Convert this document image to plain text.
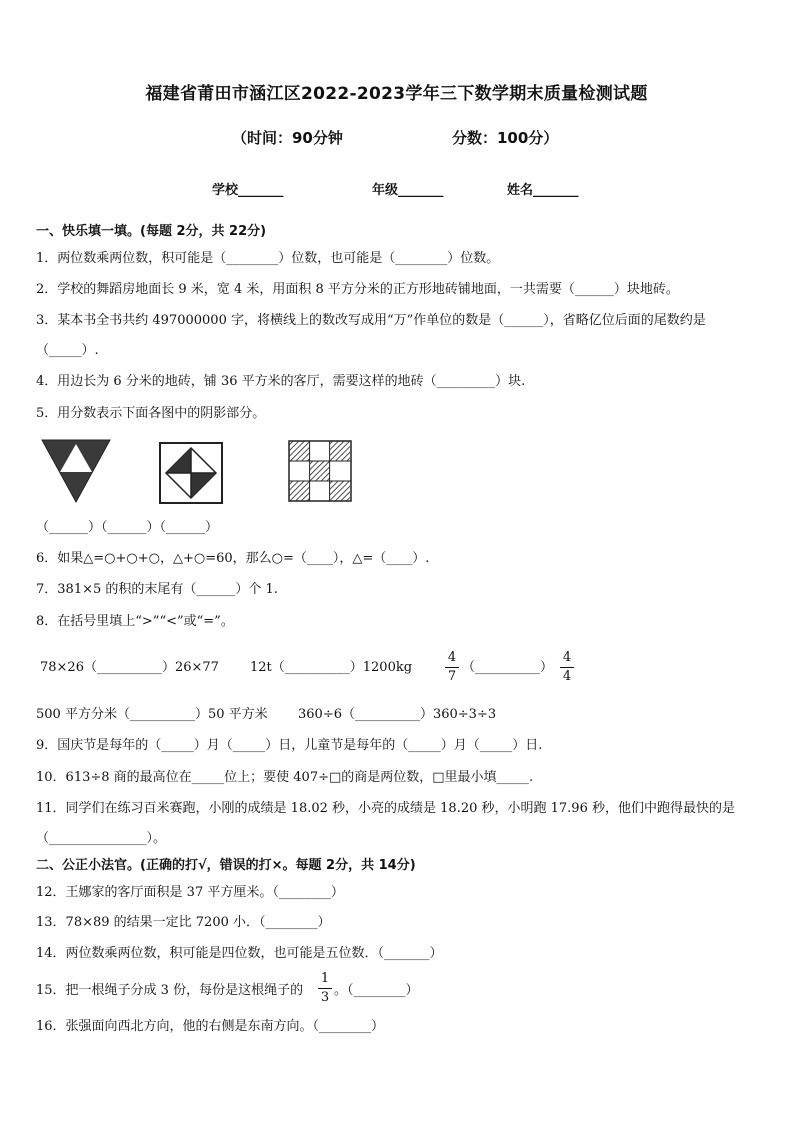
福建省莆田市涵江区2022-2023学年三下数学期末质量检测试题
（时间：90分钟	分数：100分）
学校_______	年级_______	姓名_______
一、快乐填一填。(每题 2分，共 22分)
1．两位数乘两位数，积可能是（________）位数，也可能是（________）位数。
2．学校的舞蹈房地面长 9 米，宽 4 米，用面积 8 平方分米的正方形地砖铺地面，一共需要（______）块地砖。
3．某本书全书共约 497000000 字，将横线上的数改写成用“万”作单位的数是（______），省略亿位后面的尾数约是
（_____）.
4．用边长为 6 分米的地砖，铺 36 平方米的客厅，需要这样的地砖（_________）块.
5．用分数表示下面各图中的阴影部分。
（______）（______）（______）
6．如果△=○+○+○，△+○=60，那么○=（____），△=（____）.
7．381×5 的积的末尾有（______）个 1.
8．在括号里填上“>”“<”或“=”。
78×26（__________）26×77 12t（__________）1200kg
4
7
（__________）
4
4
500 平方分米（__________）50 平方米 360÷6（__________）360÷3÷3
9．国庆节是每年的（_____）月（_____）日，儿童节是每年的（_____）月（_____）日.
10．613÷8 商的最高位在_____位上；要使 407÷□的商是两位数，□里最小填_____.
11．同学们在练习百米赛跑，小刚的成绩是 18.02 秒，小亮的成绩是 18.20 秒，小明跑 17.96 秒，他们中跑得最快的是
（_______________）。
二、公正小法官。(正确的打√，错误的打×。每题 2分，共 14分)
12．王娜家的客厅面积是 37 平方厘米。（________）
13．78×89 的结果一定比 7200 小．（________）
14．两位数乘两位数，积可能是四位数，也可能是五位数．（_______）
15．把一根绳子分成 3 份，每份是这根绳子的
1
3 。（________）
16．张强面向西北方向，他的右侧是东南方向。（________）
